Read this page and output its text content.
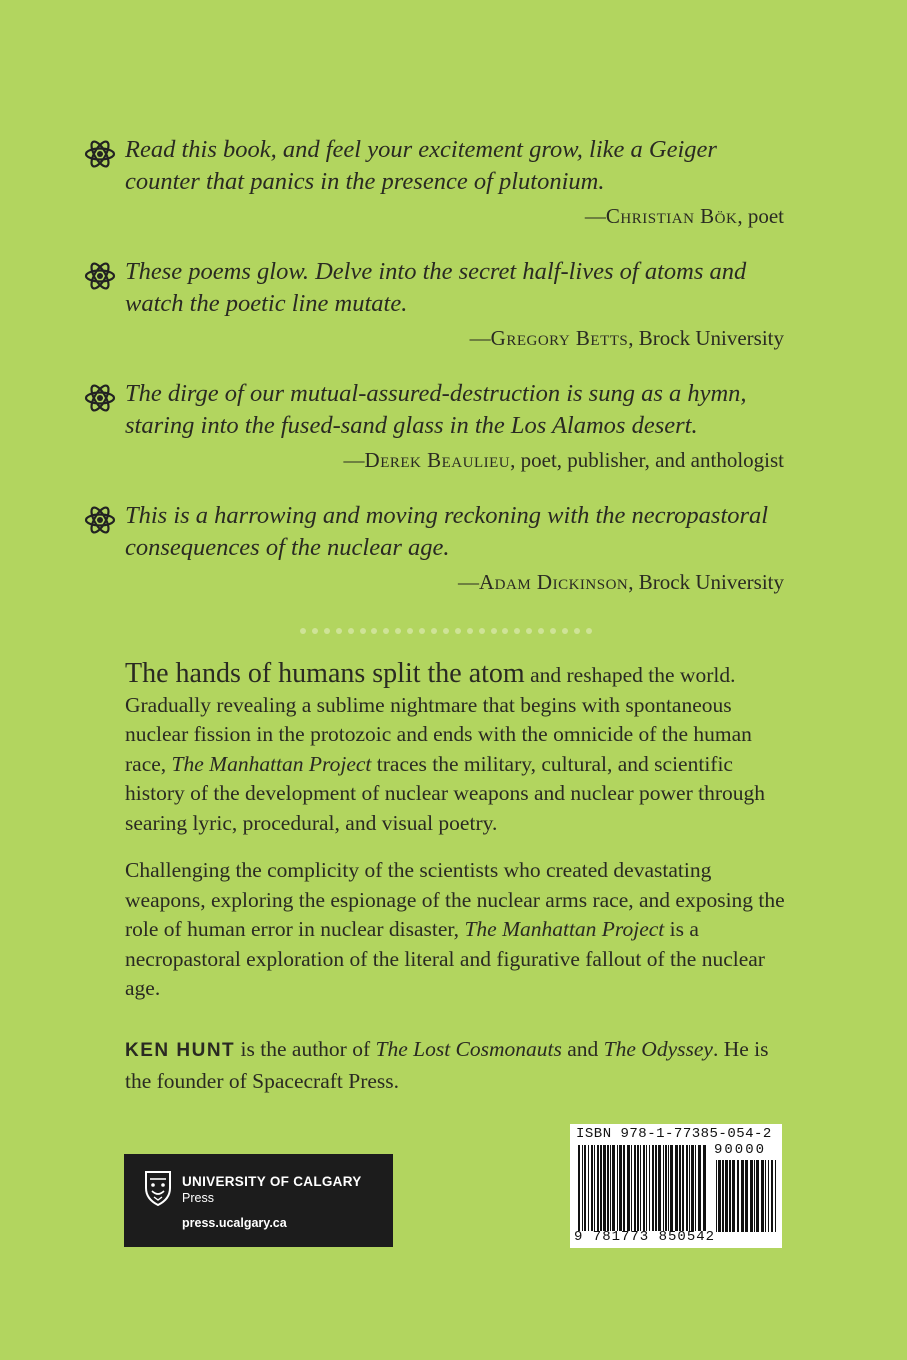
Read this book, and feel your excitement grow, like a Geiger
counter that panics in the presence of plutonium.
—Christian Bök, poet
These poems glow. Delve into the secret half-lives of atoms and
watch the poetic line mutate.
—Gregory Betts, Brock University
The dirge of our mutual-assured-destruction is sung as a hymn,
staring into the fused-sand glass in the Los Alamos desert.
—Derek Beaulieu, poet, publisher, and anthologist
This is a harrowing and moving reckoning with the necropastoral
consequences of the nuclear age.
—Adam Dickinson, Brock University

The hands of humans split the atom and reshaped the world. Gradually revealing a sublime nightmare that begins with spontaneous nuclear fission in the protozoic and ends with the omnicide of the human race, The Manhattan Project traces the military, cultural, and scientific history of the development of nuclear weapons and nuclear power through searing lyric, procedural, and visual poetry.

Challenging the complicity of the scientists who created devastating weapons, exploring the espionage of the nuclear arms race, and exposing the role of human error in nuclear disaster, The Manhattan Project is a necropastoral exploration of the literal and figurative fallout of the nuclear age.

KEN HUNT is the author of The Lost Cosmonauts and The Odyssey. He is the founder of Spacecraft Press.
UNIVERSITY OF CALGARY
Press
press.ucalgary.ca
ISBN 978-1-77385-054-2
90000
9 781773 850542
